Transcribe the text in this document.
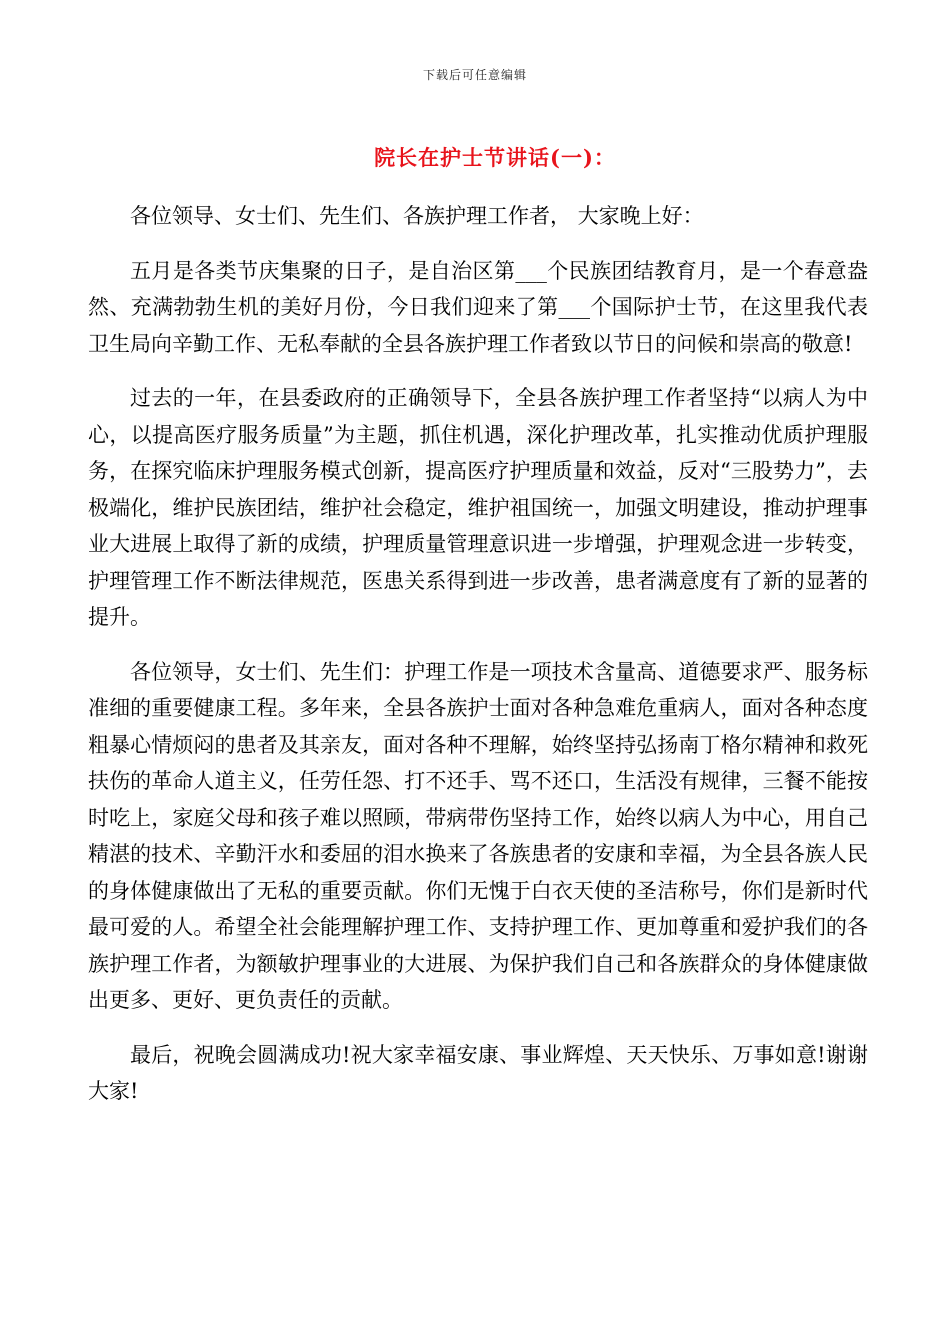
下载后可任意编辑
院长在护士节讲话(一)：

各位领导、女士们、先生们、各族护理工作者， 大家晚上好：

五月是各类节庆集聚的日子，是自治区第___个民族团结教育月，是一个春意盎然、充满勃勃生机的美好月份，今日我们迎来了第___个国际护士节，在这里我代表卫生局向辛勤工作、无私奉献的全县各族护理工作者致以节日的问候和崇高的敬意!

过去的一年，在县委政府的正确领导下，全县各族护理工作者坚持“以病人为中心，以提高医疗服务质量”为主题，抓住机遇，深化护理改革，扎实推动优质护理服务，在探究临床护理服务模式创新，提高医疗护理质量和效益，反对“三股势力”，去极端化，维护民族团结，维护社会稳定，维护祖国统一，加强文明建设，推动护理事业大进展上取得了新的成绩，护理质量管理意识进一步增强，护理观念进一步转变，护理管理工作不断法律规范，医患关系得到进一步改善，患者满意度有了新的显著的提升。

各位领导，女士们、先生们：护理工作是一项技术含量高、道德要求严、服务标准细的重要健康工程。多年来，全县各族护士面对各种急难危重病人，面对各种态度粗暴心情烦闷的患者及其亲友，面对各种不理解，始终坚持弘扬南丁格尔精神和救死扶伤的革命人道主义，任劳任怨、打不还手、骂不还口，生活没有规律，三餐不能按时吃上，家庭父母和孩子难以照顾，带病带伤坚持工作，始终以病人为中心，用自己精湛的技术、辛勤汗水和委屈的泪水换来了各族患者的安康和幸福，为全县各族人民的身体健康做出了无私的重要贡献。你们无愧于白衣天使的圣洁称号，你们是新时代最可爱的人。希望全社会能理解护理工作、支持护理工作、更加尊重和爱护我们的各族护理工作者，为额敏护理事业的大进展、为保护我们自己和各族群众的身体健康做出更多、更好、更负责任的贡献。

最后，祝晚会圆满成功!祝大家幸福安康、事业辉煌、天天快乐、万事如意!谢谢大家!
